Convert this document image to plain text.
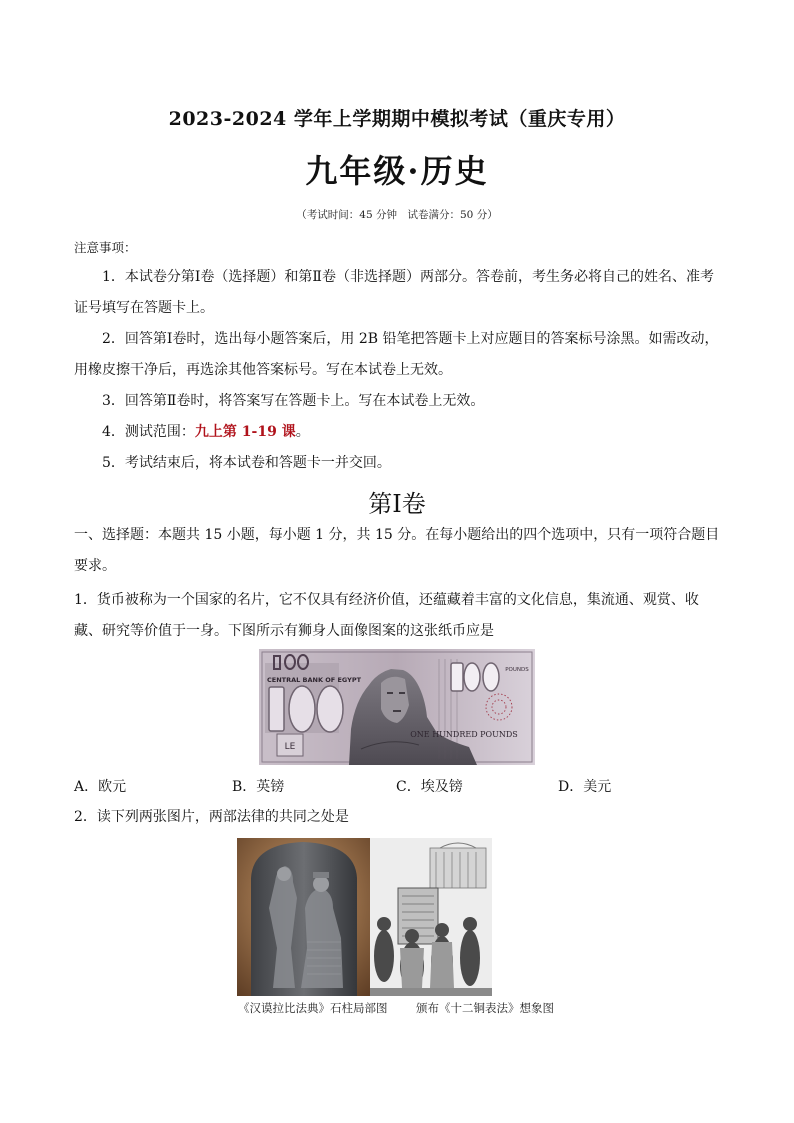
2023-2024 学年上学期期中模拟考试（重庆专用）
九年级·历史
（考试时间：45 分钟　试卷满分：50 分）
注意事项：
1．本试卷分第Ⅰ卷（选择题）和第Ⅱ卷（非选择题）两部分。答卷前，考生务必将自己的姓名、准考证号填写在答题卡上。
2．回答第Ⅰ卷时，选出每小题答案后，用 2B 铅笔把答题卡上对应题目的答案标号涂黑。如需改动，用橡皮擦干净后，再选涂其他答案标号。写在本试卷上无效。
3．回答第Ⅱ卷时，将答案写在答题卡上。写在本试卷上无效。
4．测试范围：九上第 1-19 课。
5．考试结束后，将本试卷和答题卡一并交回。
第Ⅰ卷
一、选择题：本题共 15 小题，每小题 1 分，共 15 分。在每小题给出的四个选项中，只有一项符合题目要求。
1．货币被称为一个国家的名片，它不仅具有经济价值，还蕴藏着丰富的文化信息，集流通、观赏、收藏、研究等价值于一身。下图所示有狮身人面像图案的这张纸币应是
LE
CENTRAL BANK OF EGYPT
POUNDS
ONE HUNDRED POUNDS
A．欧元	B．英镑	C．埃及镑	D．美元
2．读下列两张图片，两部法律的共同之处是
《汉谟拉比法典》石柱局部图 颁布《十二铜表法》想象图
